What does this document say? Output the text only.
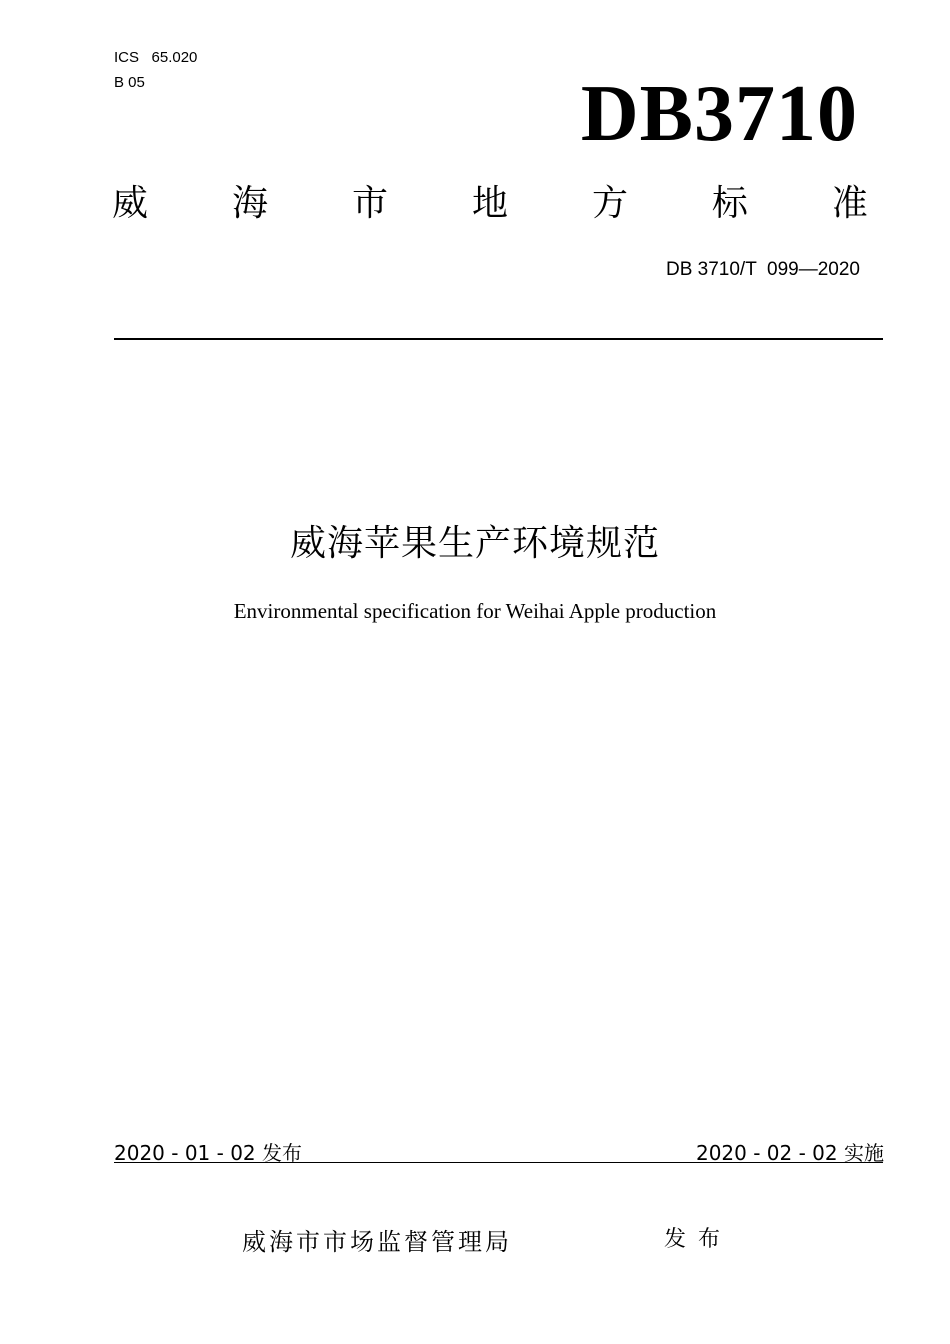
ICS   65.020
B 05	DB3710
威 海 市 地 方 标 准
DB 3710/T  099—2020
威海苹果生产环境规范
Environmental specification for Weihai Apple production
2020 - 01 - 02 发布	2020 - 02 - 02 实施
威海市市场监督管理局	发布
